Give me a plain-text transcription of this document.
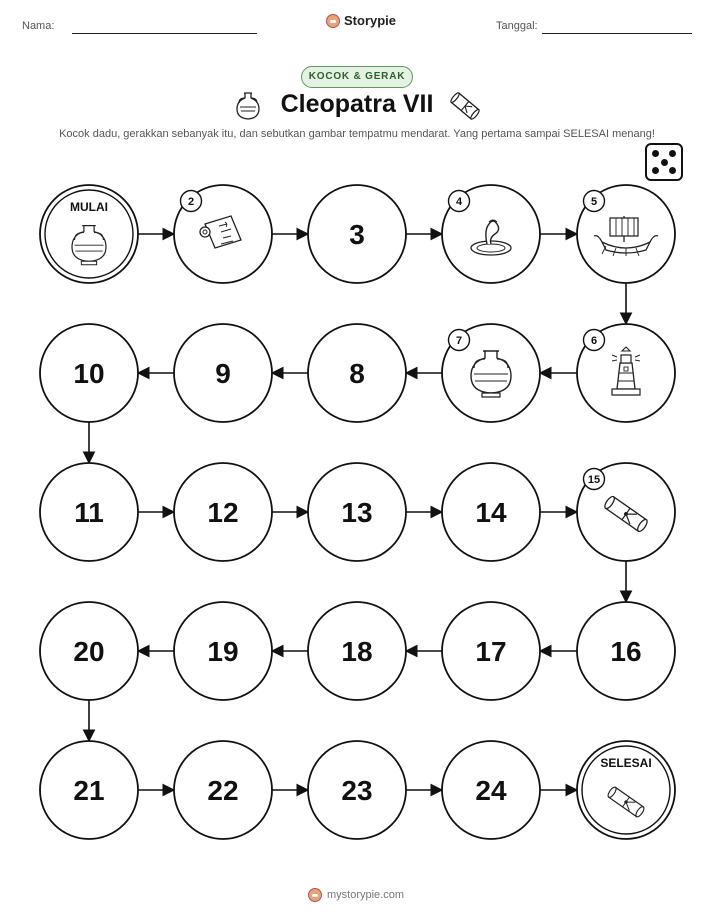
Nama:	Storypie	Tanggal:
KOCOK & GERAK
Cleopatra VII
Kocok dadu, gerakkan sebanyak itu, dan sebutkan gambar tempatmu mendarat. Yang pertama sampai SELESAI menang!
MULAI	2
3
4	5
6
7
8
9
10
11	12	13	14
15
16
17
18
19
20
21	22	23	24
SELESAI
mystorypie.com
